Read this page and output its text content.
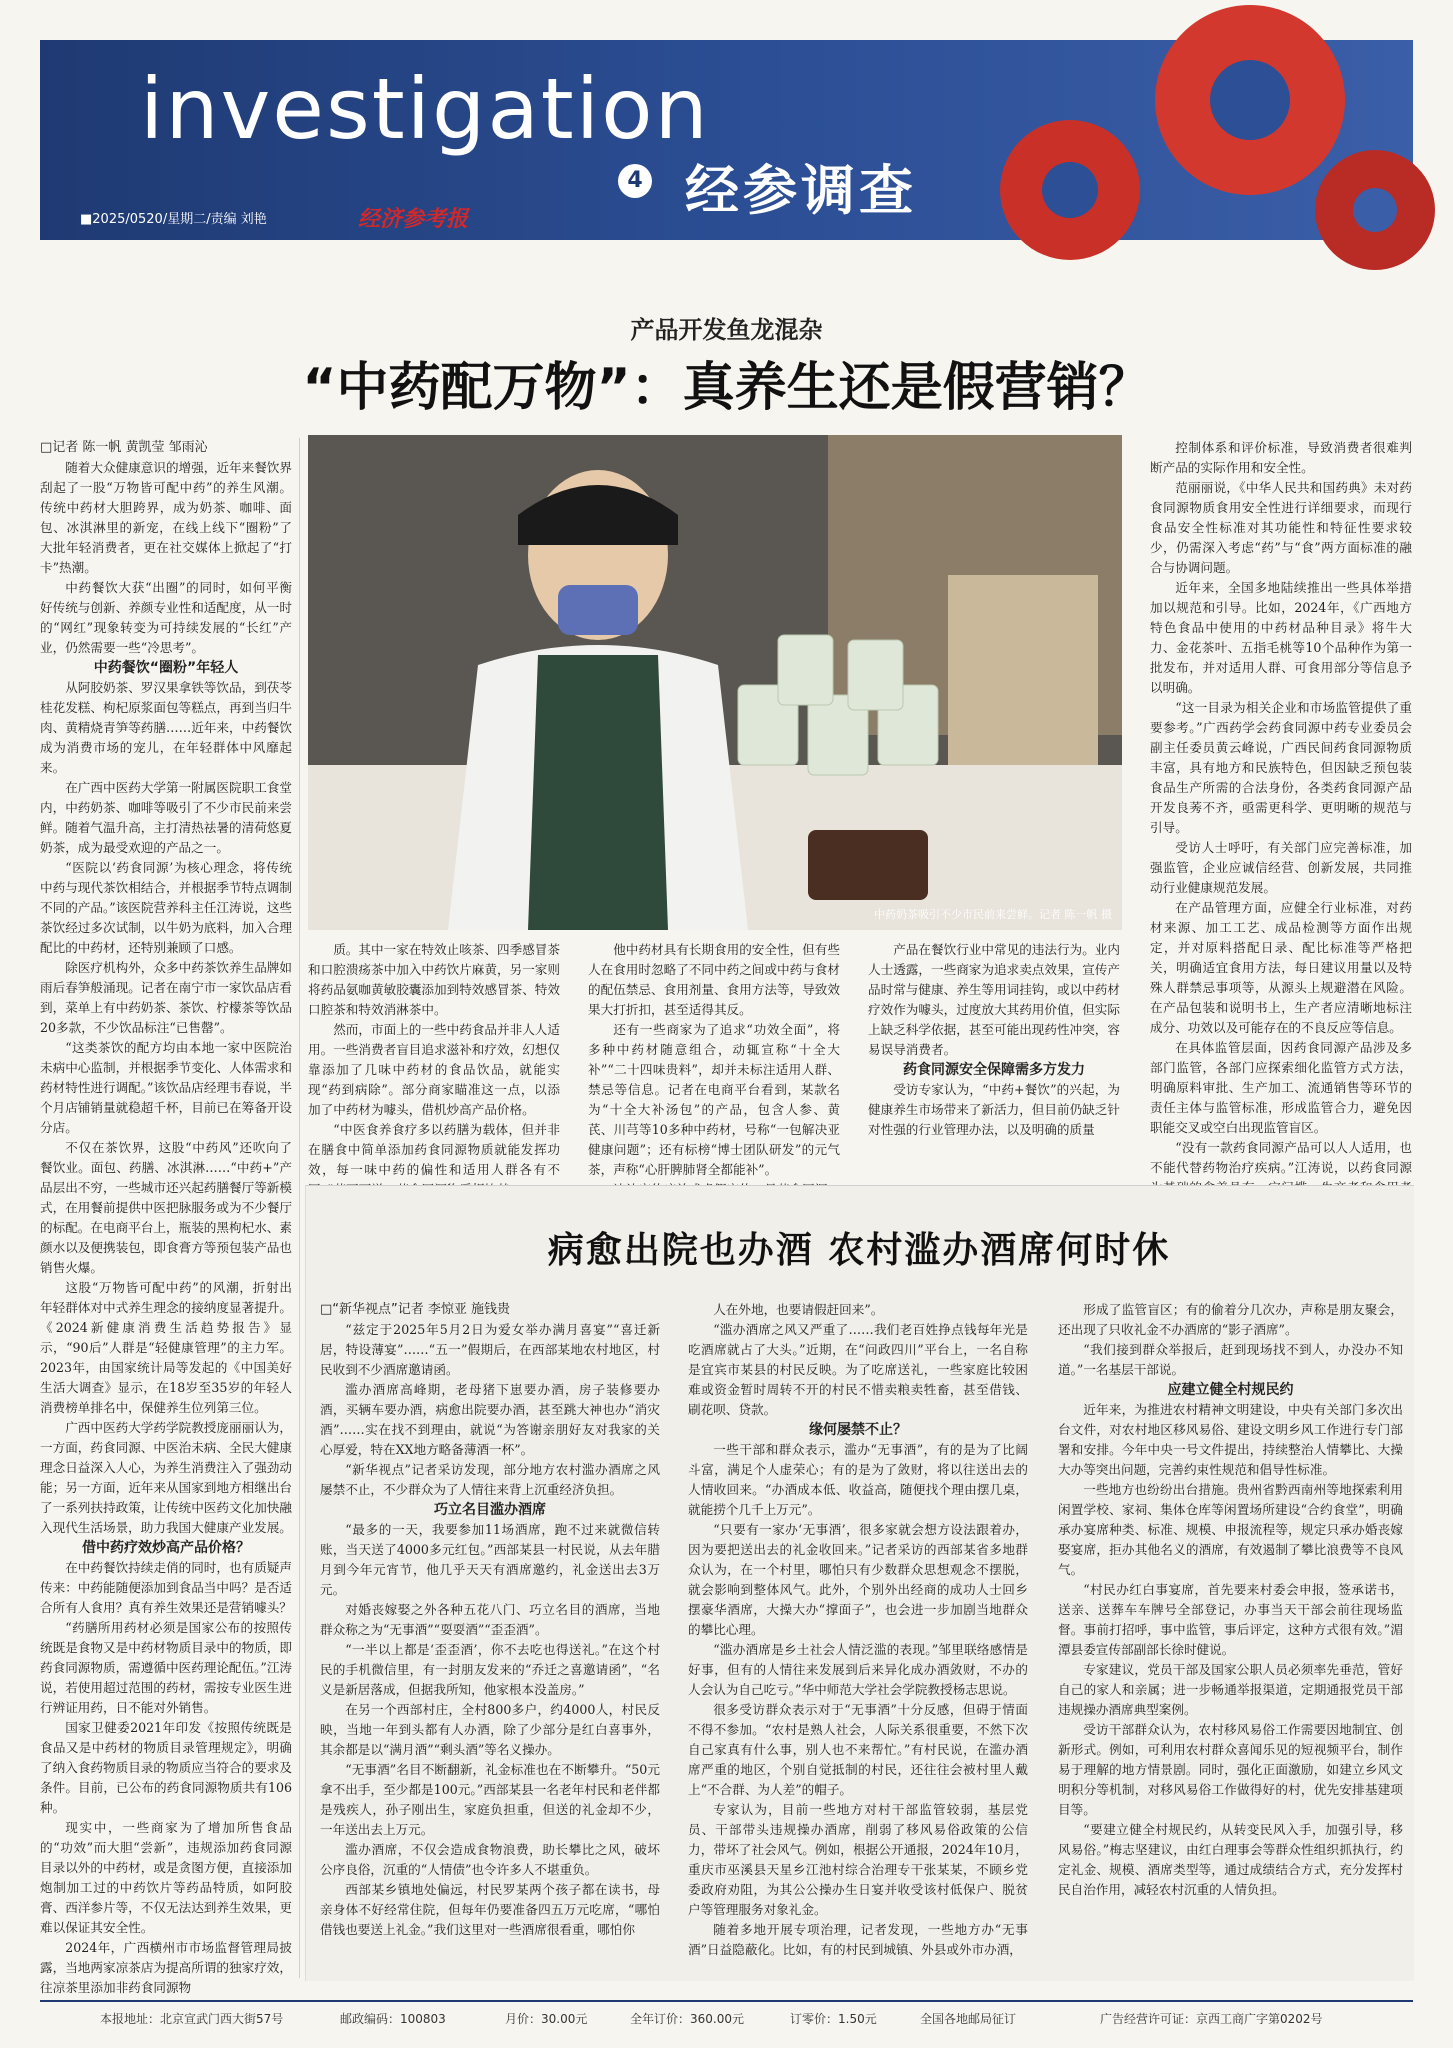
investigation
4 经参调查
■2025/0520/星期二/责编 刘艳	经济参考报
产品开发鱼龙混杂
“中药配万物”：真养生还是假营销？
中药奶茶吸引不少市民前来尝鲜。记者 陈一帆 摄

□记者 陈一帆 黄凯莹 邹雨沁

随着大众健康意识的增强，近年来餐饮界刮起了一股“万物皆可配中药”的养生风潮。传统中药材大胆跨界，成为奶茶、咖啡、面包、冰淇淋里的新宠，在线上线下“圈粉”了大批年轻消费者，更在社交媒体上掀起了“打卡”热潮。

中药餐饮大获“出圈”的同时，如何平衡好传统与创新、养颜专业性和适配度，从一时的“网红”现象转变为可持续发展的“长红”产业，仍然需要一些“冷思考”。

中药餐饮“圈粉”年轻人

从阿胶奶茶、罗汉果拿铁等饮品，到茯苓桂花发糕、枸杞原浆面包等糕点，再到当归牛肉、黄精烧青笋等药膳……近年来，中药餐饮成为消费市场的宠儿，在年轻群体中风靡起来。

在广西中医药大学第一附属医院职工食堂内，中药奶茶、咖啡等吸引了不少市民前来尝鲜。随着气温升高，主打清热祛暑的清荷悠夏奶茶，成为最受欢迎的产品之一。

“医院以‘药食同源’为核心理念，将传统中药与现代茶饮相结合，并根据季节特点调制不同的产品。”该医院营养科主任江涛说，这些茶饮经过多次试制，以牛奶为底料，加入合理配比的中药材，还特别兼顾了口感。

除医疗机构外，众多中药茶饮养生品牌如雨后春笋般涌现。记者在南宁市一家饮品店看到，菜单上有中药奶茶、茶饮、柠檬茶等饮品20多款，不少饮品标注“已售罄”。

“这类茶饮的配方均由本地一家中医院治未病中心监制，并根据季节变化、人体需求和药材特性进行调配。”该饮品店经理韦春说，半个月店铺销量就稳超千杯，目前已在筹备开设分店。

不仅在茶饮界，这股“中药风”还吹向了餐饮业。面包、药膳、冰淇淋……“中药+”产品层出不穷，一些城市还兴起药膳餐厅等新模式，在用餐前提供中医把脉服务或为不少餐厅的标配。在电商平台上，瓶装的黑枸杞水、素颜水以及便携装包，即食膏方等预包装产品也销售火爆。

这股“万物皆可配中药”的风潮，折射出年轻群体对中式养生理念的接纳度显著提升。《2024新健康消费生活趋势报告》显示，“90后”人群是“轻健康管理”的主力军。2023年，由国家统计局等发起的《中国美好生活大调查》显示，在18岁至35岁的年轻人消费榜单排名中，保健养生位列第三位。

广西中医药大学药学院教授庞丽丽认为，一方面，药食同源、中医治未病、全民大健康理念日益深入人心，为养生消费注入了强劲动能；另一方面，近年来从国家到地方相继出台了一系列扶持政策，让传统中医药文化加快融入现代生活场景，助力我国大健康产业发展。

借中药疗效炒高产品价格？

在中药餐饮持续走俏的同时，也有质疑声传来：中药能随便添加到食品当中吗？是否适合所有人食用？真有养生效果还是营销噱头？

“药膳所用药材必须是国家公布的按照传统既是食物又是中药材物质目录中的物质，即药食同源物质，需遵循中医药理论配伍。”江涛说，若使用超过范围的药材，需按专业医生进行辨证用药，日不能对外销售。

国家卫健委2021年印发《按照传统既是食品又是中药材的物质目录管理规定》，明确了纳入食药物质目录的物质应当符合的要求及条件。目前，已公布的药食同源物质共有106种。

现实中，一些商家为了增加所售食品的“功效”而大胆“尝新”，违规添加药食同源目录以外的中药材，或是贪图方便，直接添加炮制加工过的中药饮片等药品特质，如阿胶膏、西洋参片等，不仅无法达到养生效果，更难以保证其安全性。

2024年，广西横州市市场监督管理局披露，当地两家凉茶店为提高所谓的独家疗效，往凉茶里添加非药食同源物

质。其中一家在特效止咳茶、四季感冒茶和口腔溃疡茶中加入中药饮片麻黄，另一家则将药品氨咖黄敏胶囊添加到特效感冒茶、特效口腔茶和特效消淋茶中。

然而，市面上的一些中药食品并非人人适用。一些消费者盲目追求滋补和疗效，幻想仅靠添加了几味中药材的食品饮品，就能实现“药到病除”。部分商家瞄准这一点，以添加了中药材为噱头，借机炒高产品价格。

“中医食养食疗多以药膳为载体，但并非在膳食中简单添加药食同源物质就能发挥功效，每一味中药的偏性和适用人群各有不

他中药材具有长期食用的安全性，但有些人在食用时忽略了不同中药之间或中药与食材的配伍禁忌、食用剂量、食用方法等，导致效果大打折扣，甚至适得其反。

还有一些商家为了追求“功效全面”，将多种中药材随意组合，动辄宣称“十全大补”“二十四味贵料”，却并未标注适用人群、禁忌等信息。记者在电商平台看到，某款名为“十全大补汤包”的产品，包含人参、黄芪、川芎等10多种中药材，号称“一包解决亚健康问题”；还有标榜“博士团队研发”的元气茶，声称“心肝脾肺肾全都能补”。

产品在餐饮行业中常见的违法行为。业内人士透露，一些商家为追求卖点效果，宣传产品时常与健康、养生等用词挂钩，或以中药材疗效作为噱头，过度放大其药用价值，但实际上缺乏科学依据，甚至可能出现药性冲突，容易误导消费者。

药食同源安全保障需多方发力

受访专家认为，“中药+餐饮”的兴起，为健康养生市场带来了新活力，但目前仍缺乏针对性强的行业管理办法，以及明确的质量

控制体系和评价标准，导致消费者很难判断产品的实际作用和安全性。

范丽丽说，《中华人民共和国药典》未对药食同源物质食用安全性进行详细要求，而现行食品安全性标准对其功能性和特征性要求较少，仍需深入考虑“药”与“食”两方面标准的融合与协调问题。

近年来，全国多地陆续推出一些具体举措加以规范和引导。比如，2024年，《广西地方特色食品中使用的中药材品种目录》将牛大力、金花茶叶、五指毛桃等10个品种作为第一批发布，并对适用人群、可食用部分等信息予以明确。

“这一目录为相关企业和市场监管提供了重要参考。”广西药学会药食同源中药专业委员会副主任委员黄云峰说，广西民间药食同源物质丰富，具有地方和民族特色，但因缺乏预包装食品生产所需的合法身份，各类药食同源产品开发良莠不齐，亟需更科学、更明晰的规范与引导。

受访人士呼吁，有关部门应完善标准，加强监管，企业应诚信经营、创新发展，共同推动行业健康规范发展。

在产品管理方面，应健全行业标准，对药材来源、加工工艺、成品检测等方面作出规定，并对原料搭配日录、配比标准等严格把关，明确适宜食用方法，每日建议用量以及特殊人群禁忌事项等，从源头上规避潜在风险。在产品包装和说明书上，生产者应清晰地标注成分、功效以及可能存在的不良反应等信息。

在具体监管层面，因药食同源产品涉及多部门监管，各部门应探索细化监管方式方法，明确原料审批、生产加工、流通销售等环节的责任主体与监管标准，形成监管合力，避免因职能交叉或空白出现监管盲区。

“没有一款药食同源产品可以人人适用，也不能代替药物治疗疾病。”江涛说，以药食同源

病愈出院也办酒 农村滥办酒席何时休

□“新华视点”记者 李惊亚 施钱贵

“兹定于2025年5月2日为爱女举办满月喜宴”“喜迁新居，特设薄宴”……“五一”假期后，在西部某地农村地区，村民收到不少酒席邀请函。

滥办酒席高峰期，老母猪下崽要办酒，房子装修要办酒，买辆车要办酒，病愈出院要办酒，甚至跳大神也办“消灾酒”……实在找不到理由，就说“为答谢亲朋好友对我家的关心厚爱，特在XX地方略备薄酒一杯”。

“新华视点”记者采访发现，部分地方农村滥办酒席之风屡禁不止，不少群众为了人情往来背上沉重经济负担。

巧立名目滥办酒席

“最多的一天，我要参加11场酒席，跑不过来就微信转账，当天送了4000多元红包。”西部某县一村民说，从去年腊月到今年元宵节，他几乎天天有酒席邀约，礼金送出去3万元。

对婚丧嫁娶之外各种五花八门、巧立名目的酒席，当地群众称之为“无事酒”“耍耍酒”“歪歪酒”。

“一半以上都是‘歪歪酒’，你不去吃也得送礼。”在这个村民的手机微信里，有一封朋友发来的“乔迁之喜邀请函”，“名义是新居落成，但据我所知，他家根本没盖房。”

在另一个西部村庄，全村800多户，约4000人，村民反映，当地一年到头都有人办酒，除了少部分是红白喜事外，其余都是以“满月酒”“剩头酒”等名义操办。

“无事酒”名目不断翻新，礼金标准也在不断攀升。“50元拿不出手，至少都是100元。”西部某县一名老年村民和老伴都是残疾人，孙子刚出生，家庭负担重，但送的礼金却不少，一年送出去上万元。

滥办酒席，不仅会造成食物浪费，助长攀比之风，破坏公序良俗，沉重的“人情债”也令许多人不堪重负。

西部某乡镇地处偏远，村民罗某两个孩子都在读书，母亲身体不好经常住院，但每年仍要准备四五万元吃席，“哪怕借钱也要送上礼金。”我们这里对一些酒席很看重，哪怕你

人在外地，也要请假赶回来”。

“滥办酒席之风又严重了……我们老百姓挣点钱每年光是吃酒席就占了大头。”近期，在“问政四川”平台上，一名自称是宜宾市某县的村民反映。为了吃席送礼，一些家庭比较困难或资金暂时周转不开的村民不惜卖粮卖牲畜，甚至借钱、刷花呗、贷款。

缘何屡禁不止？

一些干部和群众表示，滥办“无事酒”，有的是为了比阔斗富，满足个人虚荣心；有的是为了敛财，将以往送出去的人情收回来。“办酒成本低、收益高，随便找个理由摆几桌，就能捞个几千上万元”。

“只要有一家办‘无事酒’，很多家就会想方设法跟着办，因为要把送出去的礼金收回来。”记者采访的西部某省多地群众认为，在一个村里，哪怕只有少数群众思想观念不摆脱，就会影响到整体风气。此外，个别外出经商的成功人士回乡摆豪华酒席，大操大办“撑面子”，也会进一步加剧当地群众的攀比心理。

“滥办酒席是乡土社会人情泛滥的表现。”邹里联络感情是好事，但有的人情往来发展到后来异化成办酒敛财，不办的人会认为自己吃亏。”华中师范大学社会学院教授杨志思说。

很多受访群众表示对于“无事酒”十分反感，但碍于情面不得不参加。“农村是熟人社会，人际关系很重要，不然下次自己家真有什么事，别人也不来帮忙。”有村民说，在滥办酒席严重的地区，个别自觉抵制的村民，还往往会被村里人戴上“不合群、为人差”的帽子。

专家认为，目前一些地方对村干部监管较弱，基层党员、干部带头违规操办酒席，削弱了移风易俗政策的公信力，带坏了社会风气。例如，根据公开通报，2024年10月，重庆市巫溪县天星乡江池村综合治理专干张某某，不顾乡党委政府劝阻，为其公公操办生日宴并收受该村低保户、脱贫户等管理服务对象礼金。

随着多地开展专项治理，记者发现，一些地方办“无事酒”日益隐蔽化。比如，有的村民到城镇、外县或外市办酒，

形成了监管盲区；有的偷着分几次办，声称是朋友聚会，还出现了只收礼金不办酒席的“影子酒席”。

“我们接到群众举报后，赶到现场找不到人，办没办不知道。”一名基层干部说。

应建立健全村规民约

近年来，为推进农村精神文明建设，中央有关部门多次出台文件，对农村地区移风易俗、建设文明乡风工作进行专门部署和安排。今年中央一号文件提出，持续整治人情攀比、大操大办等突出问题，完善约束性规范和倡导性标准。

一些地方也纷纷出台措施。贵州省黔西南州等地探索利用闲置学校、家祠、集体仓库等闲置场所建设“合约食堂”，明确承办宴席种类、标准、规模、申报流程等，规定只承办婚丧嫁娶宴席，拒办其他名义的酒席，有效遏制了攀比浪费等不良风气。

“村民办红白事宴席，首先要来村委会申报，签承诺书，送亲、送葬车车牌号全部登记，办事当天干部会前往现场监督。事前打招呼，事中监管，事后评定，这种方式很有效。”湄潭县委宣传部副部长徐时健说。

专家建议，党员干部及国家公职人员必须率先垂范，管好自己的家人和亲属；进一步畅通举报渠道，定期通报党员干部违规操办酒席典型案例。

受访干部群众认为，农村移风易俗工作需要因地制宜、创新形式。例如，可利用农村群众喜闻乐见的短视频平台，制作易于理解的地方情景剧。同时，强化正面激励，如建立乡风文明积分等机制，对移风易俗工作做得好的村，优先安排基建项目等。

“要建立健全村规民约，从转变民风入手，加强引导，移风易俗。”梅志坚建议，由红白理事会等群众性组织抓执行，约定礼金、规模、酒席类型等，通过成绩结合方式，充分发挥村民自治作用，减轻农村沉重的人情负担。

本报地址：北京宣武门西大街57号	邮政编码：100803	月价：30.00元	全年订价：360.00元	订零价：1.50元	全国各地邮局征订	广告经营许可证：京西工商广字第0202号
